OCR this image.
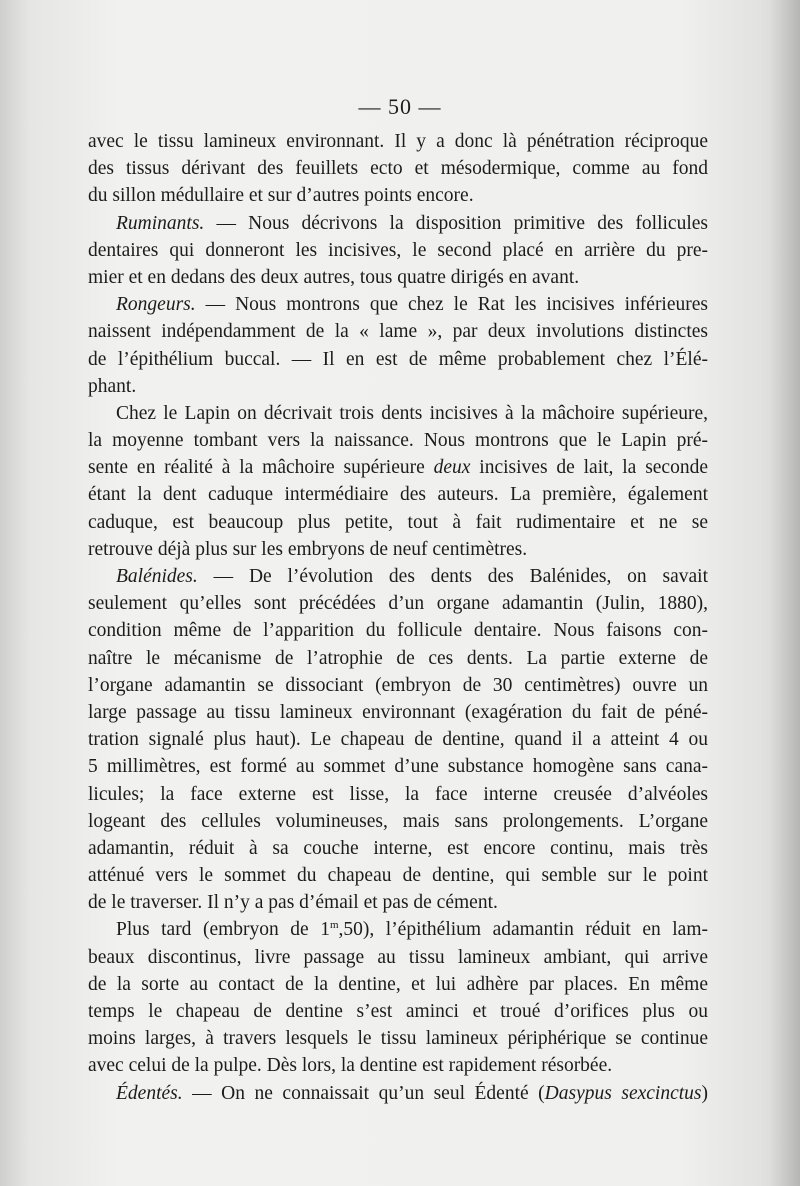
— 50 —
avec le tissu lamineux environnant. Il y a donc là pénétration réciproque
des tissus dérivant des feuillets ecto et mésodermique, comme au fond
du sillon médullaire et sur d’autres points encore.
Ruminants. — Nous décrivons la disposition primitive des follicules
dentaires qui donneront les incisives, le second placé en arrière du pre-
mier et en dedans des deux autres, tous quatre dirigés en avant.
Rongeurs. — Nous montrons que chez le Rat les incisives inférieures
naissent indépendamment de la « lame », par deux involutions distinctes
de l’épithélium buccal. — Il en est de même probablement chez l’Élé-
phant.
Chez le Lapin on décrivait trois dents incisives à la mâchoire supérieure,
la moyenne tombant vers la naissance. Nous montrons que le Lapin pré-
sente en réalité à la mâchoire supérieure deux incisives de lait, la seconde
étant la dent caduque intermédiaire des auteurs. La première, également
caduque, est beaucoup plus petite, tout à fait rudimentaire et ne se
retrouve déjà plus sur les embryons de neuf centimètres.
Balénides. — De l’évolution des dents des Balénides, on savait
seulement qu’elles sont précédées d’un organe adamantin (Julin, 1880),
condition même de l’apparition du follicule dentaire. Nous faisons con-
naître le mécanisme de l’atrophie de ces dents. La partie externe de
l’organe adamantin se dissociant (embryon de 30 centimètres) ouvre un
large passage au tissu lamineux environnant (exagération du fait de péné-
tration signalé plus haut). Le chapeau de dentine, quand il a atteint 4 ou
5 millimètres, est formé au sommet d’une substance homogène sans cana-
licules; la face externe est lisse, la face interne creusée d’alvéoles
logeant des cellules volumineuses, mais sans prolongements. L’organe
adamantin, réduit à sa couche interne, est encore continu, mais très
atténué vers le sommet du chapeau de dentine, qui semble sur le point
de le traverser. Il n’y a pas d’émail et pas de cément.
Plus tard (embryon de 1$^m$,50), l’épithélium adamantin réduit en lam-
beaux discontinus, livre passage au tissu lamineux ambiant, qui arrive
de la sorte au contact de la dentine, et lui adhère par places. En même
temps le chapeau de dentine s’est aminci et troué d’orifices plus ou
moins larges, à travers lesquels le tissu lamineux périphérique se continue
avec celui de la pulpe. Dès lors, la dentine est rapidement résorbée.
Édentés. — On ne connaissait qu’un seul Édenté (Dasypus sexcinctus)
